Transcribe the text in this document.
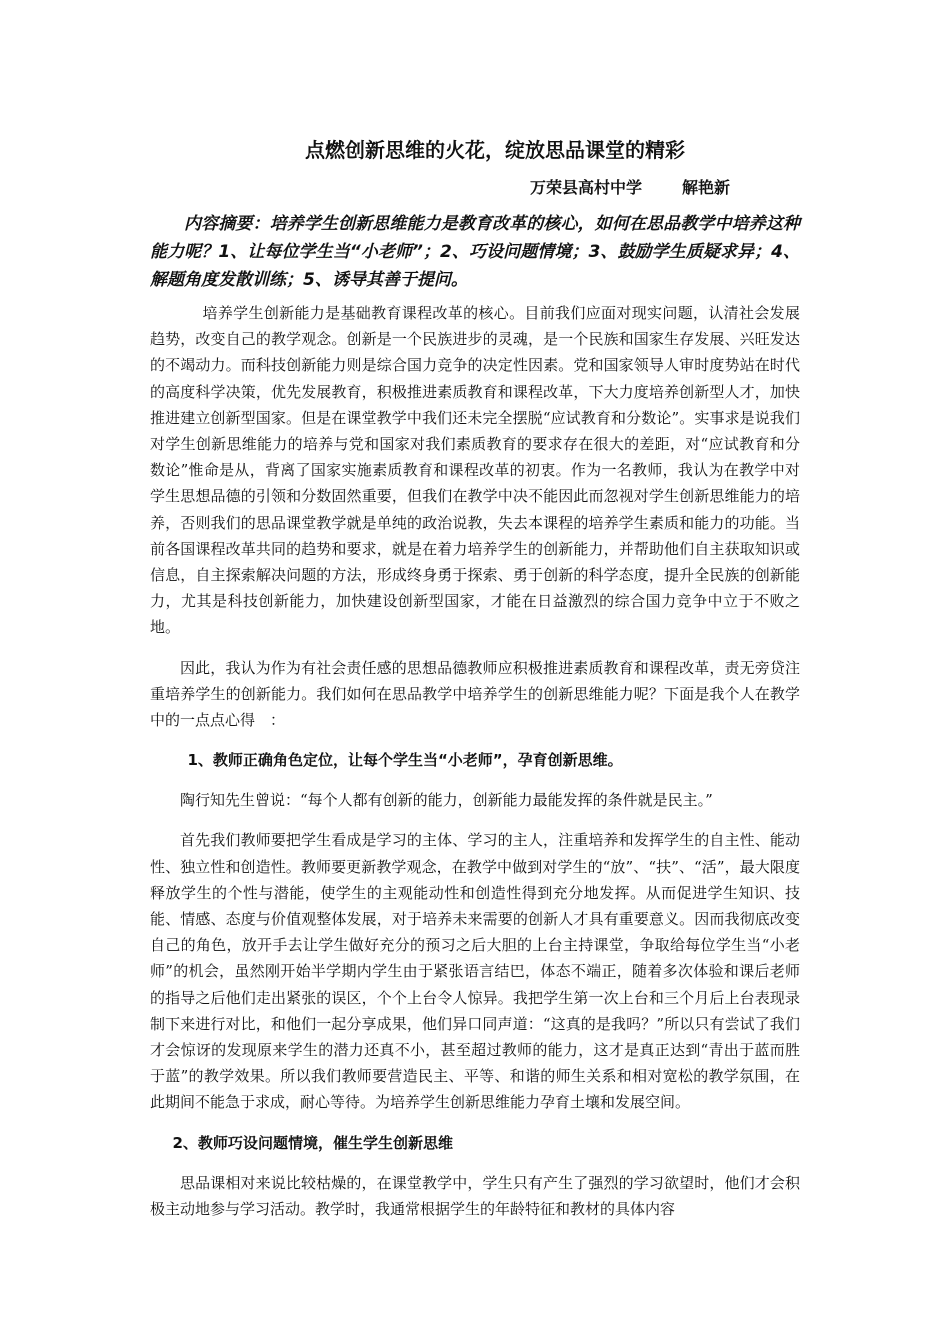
点燃创新思维的火花，绽放思品课堂的精彩
万荣县高村中学	解艳新

内容摘要：培养学生创新思维能力是教育改革的核心，如何在思品教学中培养这种能力呢？1、让每位学生当“小老师”；2、巧设问题情境；3、鼓励学生质疑求异；4、解题角度发散训练；5、诱导其善于提问。

培养学生创新能力是基础教育课程改革的核心。目前我们应面对现实问题，认清社会发展趋势，改变自己的教学观念。创新是一个民族进步的灵魂，是一个民族和国家生存发展、兴旺发达的不竭动力。而科技创新能力则是综合国力竞争的决定性因素。党和国家领导人审时度势站在时代的高度科学决策，优先发展教育，积极推进素质教育和课程改革，下大力度培养创新型人才，加快推进建立创新型国家。但是在课堂教学中我们还未完全摆脱“应试教育和分数论”。实事求是说我们对学生创新思维能力的培养与党和国家对我们素质教育的要求存在很大的差距，对“应试教育和分数论”惟命是从，背离了国家实施素质教育和课程改革的初衷。作为一名教师，我认为在教学中对学生思想品德的引领和分数固然重要，但我们在教学中决不能因此而忽视对学生创新思维能力的培养，否则我们的思品课堂教学就是单纯的政治说教，失去本课程的培养学生素质和能力的功能。当前各国课程改革共同的趋势和要求，就是在着力培养学生的创新能力，并帮助他们自主获取知识或信息，自主探索解决问题的方法，形成终身勇于探索、勇于创新的科学态度，提升全民族的创新能力，尤其是科技创新能力，加快建设创新型国家，才能在日益激烈的综合国力竞争中立于不败之地。

因此，我认为作为有社会责任感的思想品德教师应积极推进素质教育和课程改革，责无旁贷注重培养学生的创新能力。我们如何在思品教学中培养学生的创新思维能力呢？下面是我个人在教学中的一点点心得　：

1、教师正确角色定位，让每个学生当“小老师”，孕育创新思维。

陶行知先生曾说：“每个人都有创新的能力，创新能力最能发挥的条件就是民主。”

首先我们教师要把学生看成是学习的主体、学习的主人，注重培养和发挥学生的自主性、能动性、独立性和创造性。教师要更新教学观念，在教学中做到对学生的“放”、“扶”、“活”，最大限度释放学生的个性与潜能，使学生的主观能动性和创造性得到充分地发挥。从而促进学生知识、技能、情感、态度与价值观整体发展，对于培养未来需要的创新人才具有重要意义。因而我彻底改变自己的角色，放开手去让学生做好充分的预习之后大胆的上台主持课堂，争取给每位学生当“小老师”的机会，虽然刚开始半学期内学生由于紧张语言结巴，体态不端正，随着多次体验和课后老师的指导之后他们走出紧张的误区，个个上台令人惊异。我把学生第一次上台和三个月后上台表现录制下来进行对比，和他们一起分享成果，他们异口同声道：“这真的是我吗？”所以只有尝试了我们才会惊讶的发现原来学生的潜力还真不小，甚至超过教师的能力，这才是真正达到“青出于蓝而胜于蓝”的教学效果。所以我们教师要营造民主、平等、和谐的师生关系和相对宽松的教学氛围，在此期间不能急于求成，耐心等待。为培养学生创新思维能力孕育土壤和发展空间。

2、教师巧设问题情境，催生学生创新思维

思品课相对来说比较枯燥的，在课堂教学中，学生只有产生了强烈的学习欲望时，他们才会积极主动地参与学习活动。教学时，我通常根据学生的年龄特征和教材的具体内容
